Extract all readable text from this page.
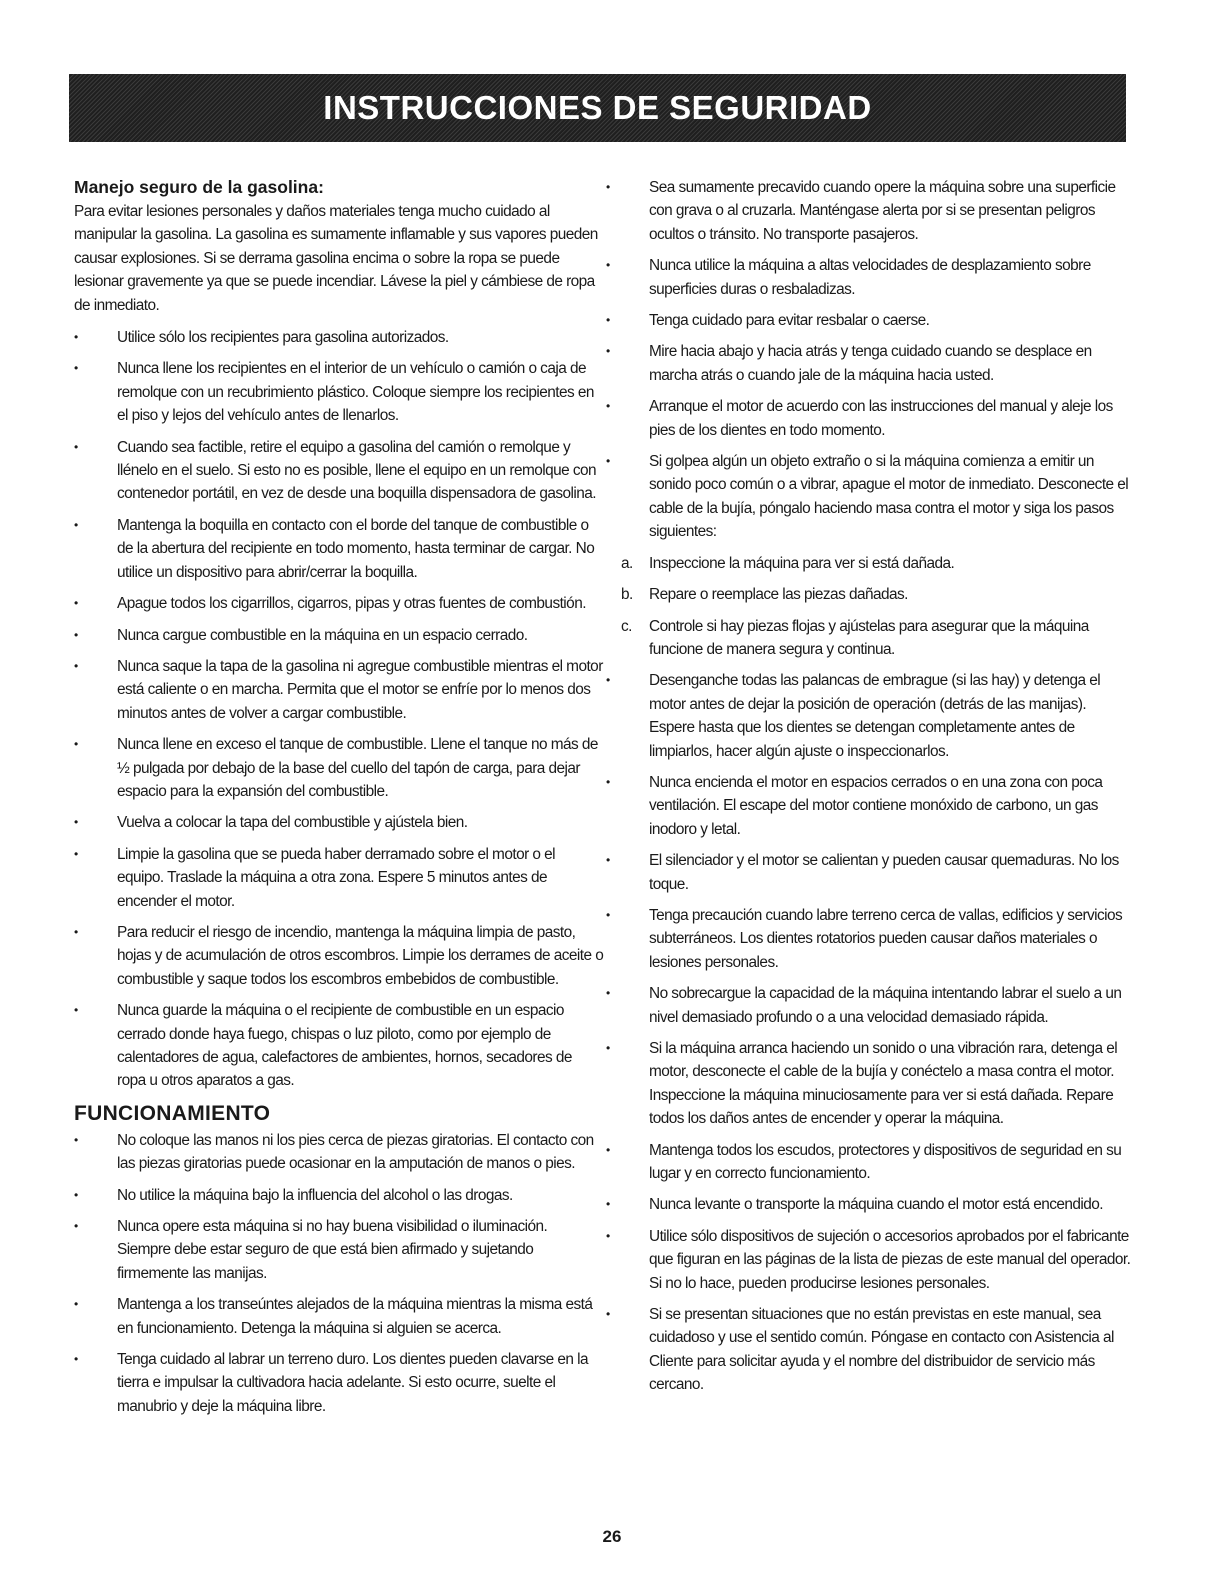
INSTRUCCIONES DE SEGURIDAD
Manejo seguro de la gasolina:

Para evitar lesiones personales y daños materiales tenga mucho cuidado al manipular la gasolina. La gasolina es sumamente inflamable y sus vapores pueden causar explosiones. Si se derrama gasolina encima o sobre la ropa se puede lesionar gravemente ya que se puede incendiar. Lávese la piel y cámbiese de ropa de inmediato.

•	Utilice sólo los recipientes para gasolina autorizados.
•	Nunca llene los recipientes en el interior de un vehículo o camión o caja de remolque con un recubrimiento plástico. Coloque siempre los recipientes en el piso y lejos del vehículo antes de llenarlos.
•	Cuando sea factible, retire el equipo a gasolina del camión o remolque y llénelo en el suelo. Si esto no es posible, llene el equipo en un remolque con contenedor portátil, en vez de desde una boquilla dispensadora de gasolina.
•	Mantenga la boquilla en contacto con el borde del tanque de combustible o de la abertura del recipiente en todo momento, hasta terminar de cargar. No utilice un dispositivo para abrir/cerrar la boquilla.
•	Apague todos los cigarrillos, cigarros, pipas y otras fuentes de combustión.
•	Nunca cargue combustible en la máquina en un espacio cerrado.
•	Nunca saque la tapa de la gasolina ni agregue combustible mientras el motor está caliente o en marcha. Permita que el motor se enfríe por lo menos dos minutos antes de volver a cargar combustible.
•	Nunca llene en exceso el tanque de combustible. Llene el tanque no más de ½ pulgada por debajo de la base del cuello del tapón de carga, para dejar espacio para la expansión del combustible.
•	Vuelva a colocar la tapa del combustible y ajústela bien.
•	Limpie la gasolina que se pueda haber derramado sobre el motor o el equipo. Traslade la máquina a otra zona. Espere 5 minutos antes de encender el motor.
•	Para reducir el riesgo de incendio, mantenga la máquina limpia de pasto, hojas y de acumulación de otros escombros. Limpie los derrames de aceite o combustible y saque todos los escombros embebidos de combustible.
•	Nunca guarde la máquina o el recipiente de combustible en un espacio cerrado donde haya fuego, chispas o luz piloto, como por ejemplo de calentadores de agua, calefactores de ambientes, hornos, secadores de ropa u otros aparatos a gas.
FUNCIONAMIENTO
•	No coloque las manos ni los pies cerca de piezas giratorias. El contacto con las piezas giratorias puede ocasionar en la amputación de manos o pies.
•	No utilice la máquina bajo la influencia del alcohol o las drogas.
•	Nunca opere esta máquina si no hay buena visibilidad o iluminación. Siempre debe estar seguro de que está bien afirmado y sujetando firmemente las manijas.
•	Mantenga a los transeúntes alejados de la máquina mientras la misma está en funcionamiento. Detenga la máquina si alguien se acerca.
•	Tenga cuidado al labrar un terreno duro. Los dientes pueden clavarse en la tierra e impulsar la cultivadora hacia adelante. Si esto ocurre, suelte el manubrio y deje la máquina libre.
•	Sea sumamente precavido cuando opere la máquina sobre una superficie con grava o al cruzarla. Manténgase alerta por si se presentan peligros ocultos o tránsito. No transporte pasajeros.
•	Nunca utilice la máquina a altas velocidades de desplazamiento sobre superficies duras o resbaladizas.
•	Tenga cuidado para evitar resbalar o caerse.
•	Mire hacia abajo y hacia atrás y tenga cuidado cuando se desplace en marcha atrás o cuando jale de la máquina hacia usted.
•	Arranque el motor de acuerdo con las instrucciones del manual y aleje los pies de los dientes en todo momento.
•	Si golpea algún un objeto extraño o si la máquina comienza a emitir un sonido poco común o a vibrar, apague el motor de inmediato. Desconecte el cable de la bujía, póngalo haciendo masa contra el motor y siga los pasos siguientes:
a. Inspeccione la máquina para ver si está dañada.
b. Repare o reemplace las piezas dañadas.
c. Controle si hay piezas flojas y ajústelas para asegurar que la máquina funcione de manera segura y continua.
•	Desenganche todas las palancas de embrague (si las hay) y detenga el motor antes de dejar la posición de operación (detrás de las manijas). Espere hasta que los dientes se detengan completamente antes de limpiarlos, hacer algún ajuste o inspeccionarlos.
•	Nunca encienda el motor en espacios cerrados o en una zona con poca ventilación. El escape del motor contiene monóxido de carbono, un gas inodoro y letal.
•	El silenciador y el motor se calientan y pueden causar quemaduras. No los toque.
•	Tenga precaución cuando labre terreno cerca de vallas, edificios y servicios subterráneos. Los dientes rotatorios pueden causar daños materiales o lesiones personales.
•	No sobrecargue la capacidad de la máquina intentando labrar el suelo a un nivel demasiado profundo o a una velocidad demasiado rápida.
•	Si la máquina arranca haciendo un sonido o una vibración rara, detenga el motor, desconecte el cable de la bujía y conéctelo a masa contra el motor. Inspeccione la máquina minuciosamente para ver si está dañada. Repare todos los daños antes de encender y operar la máquina.
•	Mantenga todos los escudos, protectores y dispositivos de seguridad en su lugar y en correcto funcionamiento.
•	Nunca levante o transporte la máquina cuando el motor está encendido.
•	Utilice sólo dispositivos de sujeción o accesorios aprobados por el fabricante que figuran en las páginas de la lista de piezas de este manual del operador. Si no lo hace, pueden producirse lesiones personales.
•	Si se presentan situaciones que no están previstas en este manual, sea cuidadoso y use el sentido común. Póngase en contacto con Asistencia al Cliente para solicitar ayuda y el nombre del distribuidor de servicio más cercano.
26
